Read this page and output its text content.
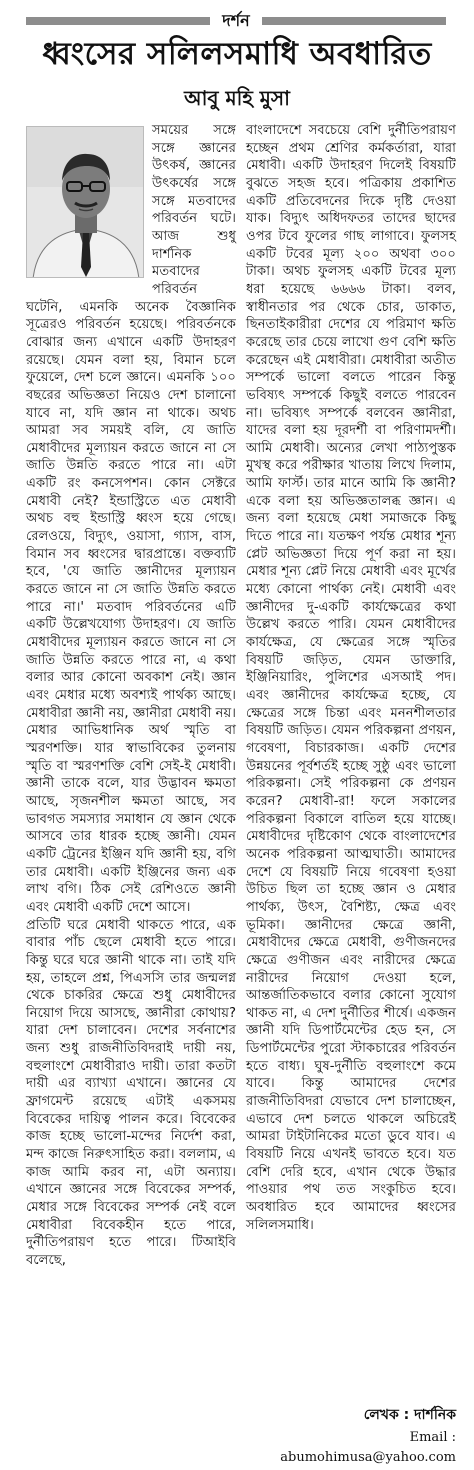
দর্শন
ধ্বংসের সলিলসমাধি অবধারিত
আবু মহি মুসা

সময়ের সঙ্গে সঙ্গে জ্ঞানের উৎকর্ষ, জ্ঞানের উৎকর্ষের সঙ্গে সঙ্গে মতবাদের পরিবর্তন ঘটে। আজ শুধু দার্শনিক মতবাদের পরিবর্তন ঘটেনি, এমনকি অনেক বৈজ্ঞানিক সূত্রেরও পরিবর্তন হয়েছে। পরিবর্তনকে বোঝার জন্য এখানে একটি উদাহরণ রয়েছে। যেমন বলা হয়, বিমান চলে ফুয়েলে, দেশ চলে জ্ঞানে। এমনকি ১০০ বছরের অভিজ্ঞতা নিয়েও দেশ চালানো যাবে না, যদি জ্ঞান না থাকে। অথচ আমরা সব সময়ই বলি, যে জাতি মেধাবীদের মূল্যায়ন করতে জানে না সে জাতি উন্নতি করতে পারে না। এটা একটি রং কনসেপশন। কোন সেক্টরে মেধাবী নেই? ইন্ডাস্ট্রিতে এত মেধাবী অথচ বহু ইন্ডাস্ট্রি ধ্বংস হয়ে গেছে। রেলওয়ে, বিদ্যুৎ, ওয়াসা, গ্যাস, বাস, বিমান সব ধ্বংসের দ্বারপ্রান্তে। বক্তব্যটি হবে, 'যে জাতি জ্ঞানীদের মূল্যায়ন করতে জানে না সে জাতি উন্নতি করতে পারে না।' মতবাদ পরিবর্তনের এটি একটি উল্লেখযোগ্য উদাহরণ। যে জাতি মেধাবীদের মূল্যায়ন করতে জানে না সে জাতি উন্নতি করতে পারে না, এ কথা বলার আর কোনো অবকাশ নেই। জ্ঞান এবং মেধার মধ্যে অবশ্যই পার্থক্য আছে। মেধাবীরা জ্ঞানী নয়, জ্ঞানীরা মেধাবী নয়। মেধার আভিধানিক অর্থ স্মৃতি বা স্মরণশক্তি। যার স্বাভাবিকের তুলনায় স্মৃতি বা স্মরণশক্তি বেশি সেই-ই মেধাবী। জ্ঞানী তাকে বলে, যার উদ্ভাবন ক্ষমতা আছে, সৃজনশীল ক্ষমতা আছে, সব ভাবগত সমস্যার সমাধান যে জ্ঞান থেকে আসবে তার ধারক হচ্ছে জ্ঞানী। যেমন একটি ট্রেনের ইঞ্জিন যদি জ্ঞানী হয়, বগি তার মেধাবী। একটি ইঞ্জিনের জন্য এক লাখ বগি। ঠিক সেই রেশিওতে জ্ঞানী এবং মেধাবী একটি দেশে আসে।

প্রতিটি ঘরে মেধাবী থাকতে পারে, এক বাবার পাঁচ ছেলে মেধাবী হতে পারে। কিন্তু ঘরে ঘরে জ্ঞানী থাকে না। তাই যদি হয়, তাহলে প্রশ্ন, পিএসসি তার জন্মলগ্ন থেকে চাকরির ক্ষেত্রে শুধু মেধাবীদের নিয়োগ দিয়ে আসছে, জ্ঞানীরা কোথায়? যারা দেশ চালাবেন। দেশের সর্বনাশের জন্য শুধু রাজনীতিবিদরাই দায়ী নয়, বহুলাংশে মেধাবীরাও দায়ী। তারা কতটা দায়ী এর ব্যাখ্যা এখানে। জ্ঞানের যে ফ্রাগমেন্ট রয়েছে এটাই একসময় বিবেকের দায়িত্ব পালন করে। বিবেকের কাজ হচ্ছে ভালো-মন্দের নির্দেশ করা, মন্দ কাজে নিরুৎসাহিত করা। বললাম, এ কাজ আমি করব না, এটা অন্যায়। এখানে জ্ঞানের সঙ্গে বিবেকের সম্পর্ক, মেধার সঙ্গে বিবেকের সম্পর্ক নেই বলে মেধাবীরা বিবেকহীন হতে পারে, দুর্নীতিপরায়ণ হতে পারে। টিআইবি বলেছে,

বাংলাদেশে সবচেয়ে বেশি দুর্নীতিপরায়ণ হচ্ছেন প্রথম শ্রেণির কর্মকর্তারা, যারা মেধাবী। একটি উদাহরণ দিলেই বিষয়টি বুঝতে সহজ হবে। পত্রিকায় প্রকাশিত একটি প্রতিবেদনের দিকে দৃষ্টি দেওয়া যাক। বিদ্যুৎ অধিদফতর তাদের ছাদের ওপর টবে ফুলের গাছ লাগাবে। ফুলসহ একটি টবের মূল্য ২০০ অথবা ৩০০ টাকা। অথচ ফুলসহ একটি টবের মূল্য ধরা হয়েছে ৬৬৬৬ টাকা। বলব, স্বাধীনতার পর থেকে চোর, ডাকাত, ছিনতাইকারীরা দেশের যে পরিমাণ ক্ষতি করেছে তার চেয়ে লাখো গুণ বেশি ক্ষতি করেছেন এই মেধাবীরা। মেধাবীরা অতীত সম্পর্কে ভালো বলতে পারেন কিন্তু ভবিষ্যৎ সম্পর্কে কিছুই বলতে পারবেন না। ভবিষ্যৎ সম্পর্কে বলবেন জ্ঞানীরা, যাদের বলা হয় দূরদর্শী বা পরিণামদর্শী। আমি মেধাবী। অন্যের লেখা পাঠ্যপুস্তক মুখস্থ করে পরীক্ষার খাতায় লিখে দিলাম, আমি ফার্স্ট। তার মানে আমি কি জ্ঞানী? একে বলা হয় অভিজ্ঞতালব্ধ জ্ঞান। এ জন্য বলা হয়েছে মেধা সমাজকে কিছু দিতে পারে না। যতক্ষণ পর্যন্ত মেধার শূন্য প্লেট অভিজ্ঞতা দিয়ে পূর্ণ করা না হয়। মেধার শূন্য প্লেট নিয়ে মেধাবী এবং মূর্খের মধ্যে কোনো পার্থক্য নেই। মেধাবী এবং জ্ঞানীদের দু-একটি কার্যক্ষেত্রের কথা উল্লেখ করতে পারি। যেমন মেধাবীদের কার্যক্ষেত্র, যে ক্ষেত্রের সঙ্গে স্মৃতির বিষয়টি জড়িত, যেমন ডাক্তারি, ইঞ্জিনিয়ারিং, পুলিশের এসআই পদ। এবং জ্ঞানীদের কার্যক্ষেত্র হচ্ছে, যে ক্ষেত্রের সঙ্গে চিন্তা এবং মননশীলতার বিষয়টি জড়িত। যেমন পরিকল্পনা প্রণয়ন, গবেষণা, বিচারকাজ। একটি দেশের উন্নয়নের পূর্বশর্তই হচ্ছে সুষ্ঠু এবং ভালো পরিকল্পনা। সেই পরিকল্পনা কে প্রণয়ন করেন? মেধাবী-রা! ফলে সকালের পরিকল্পনা বিকালে বাতিল হয়ে যাচ্ছে। মেধাবীদের দৃষ্টিকোণ থেকে বাংলাদেশের অনেক পরিকল্পনা আত্মঘাতী। আমাদের দেশে যে বিষয়টি নিয়ে গবেষণা হওয়া উচিত ছিল তা হচ্ছে জ্ঞান ও মেধার পার্থক্য, উৎস, বৈশিষ্ট্য, ক্ষেত্র এবং ভূমিকা। জ্ঞানীদের ক্ষেত্রে জ্ঞানী, মেধাবীদের ক্ষেত্রে মেধাবী, গুণীজনদের ক্ষেত্রে গুণীজন এবং নারীদের ক্ষেত্রে নারীদের নিয়োগ দেওয়া হলে, আন্তর্জাতিকভাবে বলার কোনো সুযোগ থাকত না, এ দেশ দুর্নীতির শীর্ষে। একজন জ্ঞানী যদি ডিপার্টমেন্টের হেড হন, সে ডিপার্টমেন্টের পুরো স্টাকচারের পরিবর্তন হতে বাধ্য। ঘুষ-দুর্নীতি বহুলাংশে কমে যাবে। কিন্তু আমাদের দেশের রাজনীতিবিদরা যেভাবে দেশ চালাচ্ছেন, এভাবে দেশ চলতে থাকলে অচিরেই আমরা টাইটানিকের মতো ডুবে যাব। এ বিষয়টি নিয়ে এখনই ভাবতে হবে। যত বেশি দেরি হবে, এখান থেকে উদ্ধার পাওয়ার পথ তত সংকুচিত হবে। অবধারিত হবে আমাদের ধ্বংসের সলিলসমাধি।

লেখক : দার্শনিক
Email : abumohimusa@yahoo.com
